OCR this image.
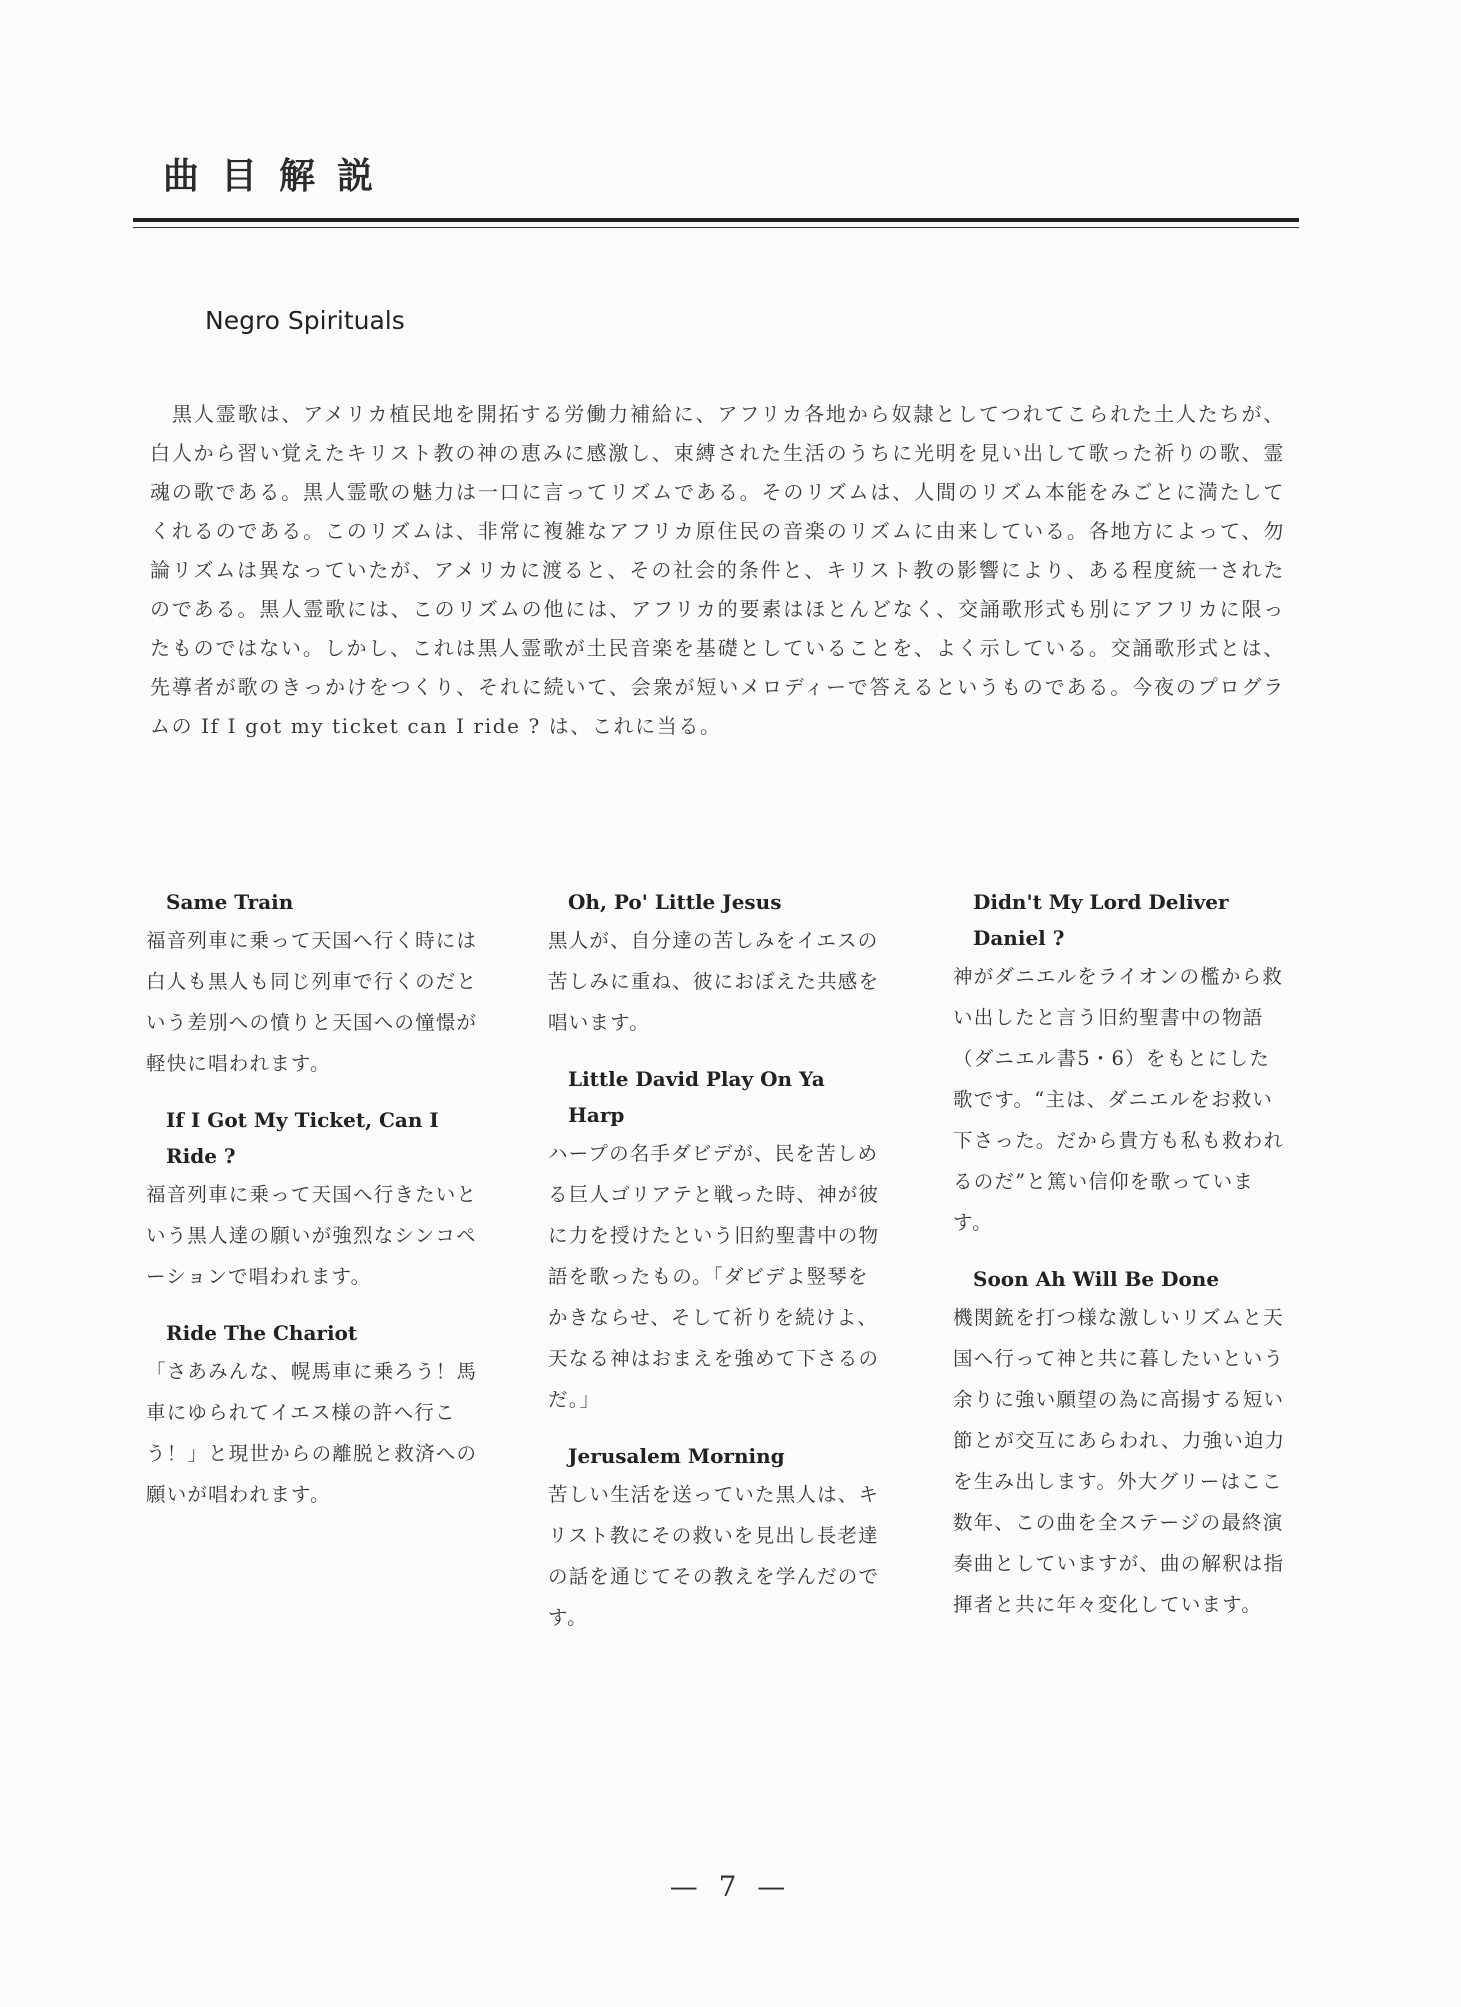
曲目解説
Negro Spirituals

黒人霊歌は、アメリカ植民地を開拓する労働力補給に、アフリカ各地から奴隷としてつれてこられた土人たちが、白人から習い覚えたキリスト教の神の恵みに感激し、束縛された生活のうちに光明を見い出して歌った祈りの歌、霊魂の歌である。黒人霊歌の魅力は一口に言ってリズムである。そのリズムは、人間のリズム本能をみごとに満たしてくれるのである。このリズムは、非常に複雑なアフリカ原住民の音楽のリズムに由来している。各地方によって、勿論リズムは異なっていたが、アメリカに渡ると、その社会的条件と、キリスト教の影響により、ある程度統一されたのである。黒人霊歌には、このリズムの他には、アフリカ的要素はほとんどなく、交誦歌形式も別にアフリカに限ったものではない。しかし、これは黒人霊歌が土民音楽を基礎としていることを、よく示している。交誦歌形式とは、先導者が歌のきっかけをつくり、それに続いて、会衆が短いメロディーで答えるというものである。今夜のプログラムの If I got my ticket can I ride ? は、これに当る。

Same Train
福音列車に乗って天国へ行く時には白人も黒人も同じ列車で行くのだという差別への憤りと天国への憧憬が軽快に唱われます。
If I Got My Ticket, Can I Ride ?
福音列車に乗って天国へ行きたいという黒人達の願いが強烈なシンコペーションで唱われます。
Ride The Chariot
「さあみんな、幌馬車に乗ろう！馬車にゆられてイエス様の許へ行こう！」と現世からの離脱と救済への願いが唱われます。
Oh, Po' Little Jesus
黒人が、自分達の苦しみをイエスの苦しみに重ね、彼におぼえた共感を唱います。
Little David Play On Ya Harp
ハープの名手ダビデが、民を苦しめる巨人ゴリアテと戦った時、神が彼に力を授けたという旧約聖書中の物語を歌ったもの。「ダビデよ竪琴をかきならせ、そして祈りを続けよ、天なる神はおまえを強めて下さるのだ。」
Jerusalem Morning
苦しい生活を送っていた黒人は、キリスト教にその救いを見出し長老達の話を通じてその教えを学んだのです。
Didn't My Lord Deliver Daniel ?
神がダニエルをライオンの檻から救い出したと言う旧約聖書中の物語（ダニエル書5・6）をもとにした歌です。“主は、ダニエルをお救い下さった。だから貴方も私も救われるのだ”と篤い信仰を歌っています。
Soon Ah Will Be Done
機関銃を打つ様な激しいリズムと天国へ行って神と共に暮したいという余りに強い願望の為に高揚する短い節とが交互にあらわれ、力強い迫力を生み出します。外大グリーはここ数年、この曲を全ステージの最終演奏曲としていますが、曲の解釈は指揮者と共に年々変化しています。
— 7 —
